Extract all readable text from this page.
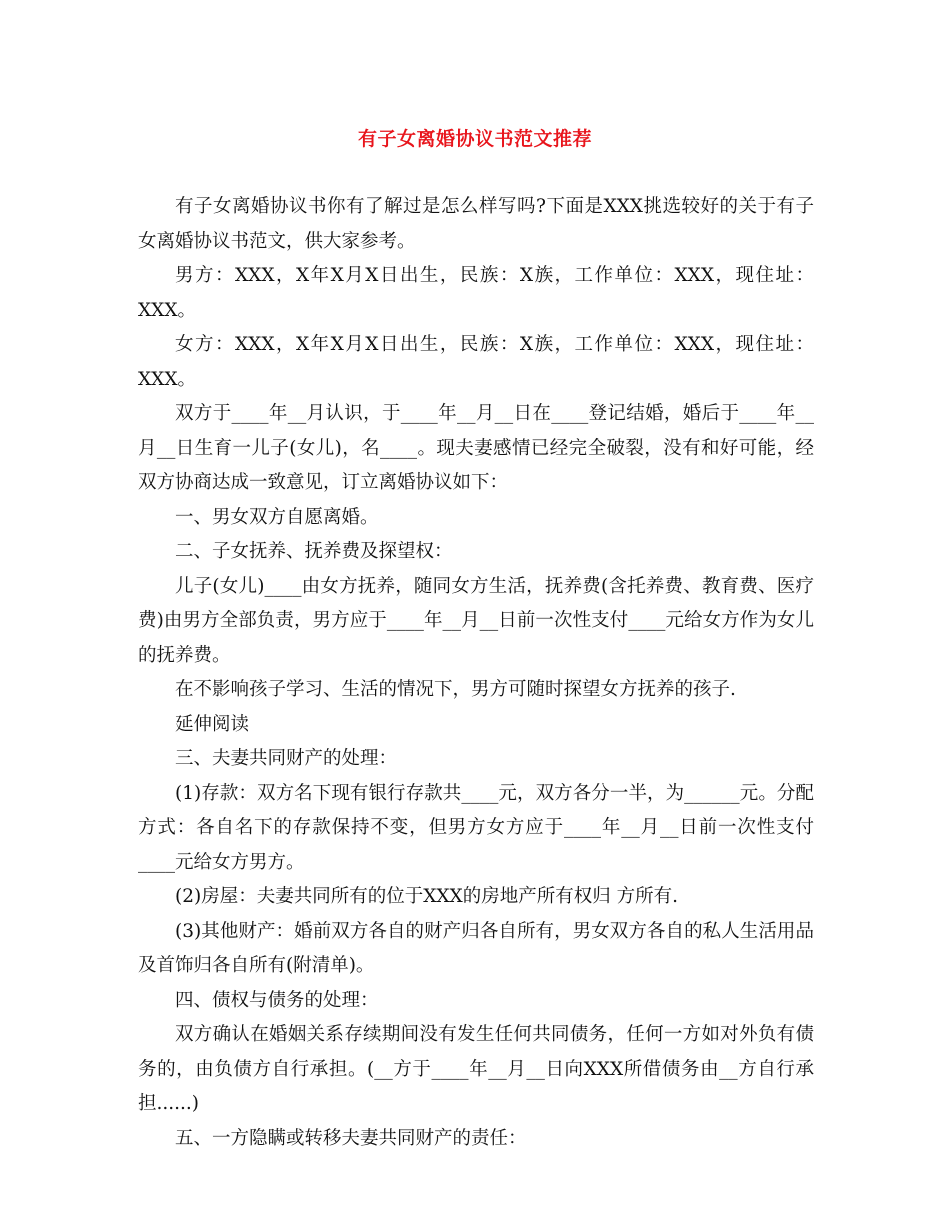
有子女离婚协议书范文推荐

有子女离婚协议书你有了解过是怎么样写吗?下面是XXX挑选较好的关于有子女离婚协议书范文，供大家参考。

男方：XXX，X年X月X日出生，民族：X族，工作单位：XXX，现住址：XXX。

女方：XXX，X年X月X日出生，民族：X族，工作单位：XXX，现住址：XXX。

双方于____年__月认识，于____年__月__日在____登记结婚，婚后于____年__月__日生育一儿子(女儿)，名____。现夫妻感情已经完全破裂，没有和好可能，经双方协商达成一致意见，订立离婚协议如下：

一、男女双方自愿离婚。

二、子女抚养、抚养费及探望权：

儿子(女儿)____由女方抚养，随同女方生活，抚养费(含托养费、教育费、医疗费)由男方全部负责，男方应于____年__月__日前一次性支付____元给女方作为女儿的抚养费。

在不影响孩子学习、生活的情况下，男方可随时探望女方抚养的孩子.

延伸阅读

三、夫妻共同财产的处理：

(1)存款：双方名下现有银行存款共____元，双方各分一半，为______元。分配方式：各自名下的存款保持不变，但男方女方应于____年__月__日前一次性支付____元给女方男方。

(2)房屋：夫妻共同所有的位于XXX的房地产所有权归 方所有.

(3)其他财产：婚前双方各自的财产归各自所有，男女双方各自的私人生活用品及首饰归各自所有(附清单)。

四、债权与债务的处理：

双方确认在婚姻关系存续期间没有发生任何共同债务，任何一方如对外负有债务的，由负债方自行承担。(__方于____年__月__日向XXX所借债务由__方自行承担......)

五、一方隐瞒或转移夫妻共同财产的责任：
